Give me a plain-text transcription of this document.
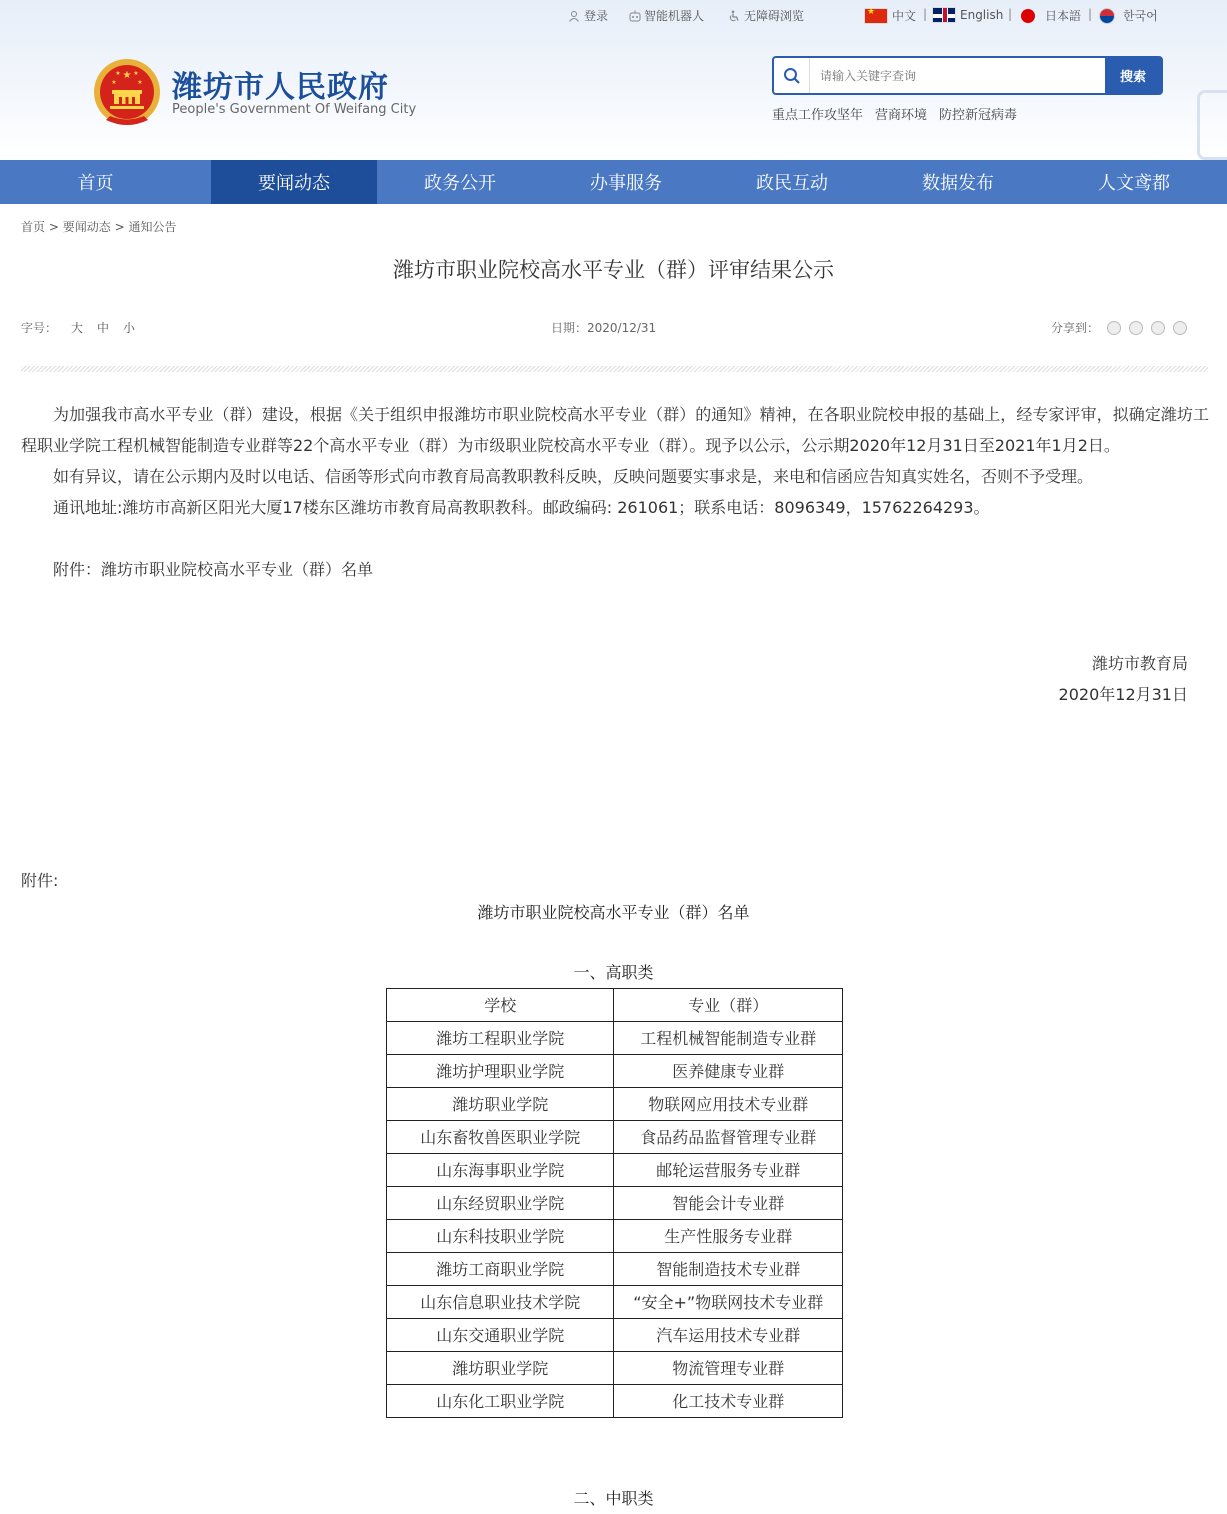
登录	智能机器人	无障碍浏览 ★	中文 |	English |	日本語 |	한국어
★
★	★
★ ★ 潍坊市人民政府
People's Government Of Weifang City
请输入关键字查询
搜索
重点工作攻坚年 营商环境 防控新冠病毒
首页	要闻动态	政务公开	办事服务	政民互动	数据发布	人文鸢都
首页 > 要闻动态 > 通知公告
潍坊市职业院校高水平专业（群）评审结果公示
字号： 大 中 小	日期： 2020/12/31	分享到：

为加强我市高水平专业（群）建设，根据《关于组织申报潍坊市职业院校高水平专业（群）的通知》精神，在各职业院校申报的基础上，经专家评审，拟确定潍坊工程职业学院工程机械智能制造专业群等22个高水平专业（群）为市级职业院校高水平专业（群）。现予以公示，公示期2020年12月31日至2021年1月2日。

如有异议，请在公示期内及时以电话、信函等形式向市教育局高教职教科反映，反映问题要实事求是，来电和信函应告知真实姓名，否则不予受理。

通讯地址:潍坊市高新区阳光大厦17楼东区潍坊市教育局高教职教科。邮政编码: 261061；联系电话：8096349，15762264293。

附件：潍坊市职业院校高水平专业（群）名单

潍坊市教育局
2020年12月31日
附件:
潍坊市职业院校高水平专业（群）名单
一、高职类
学校	专业（群）
潍坊工程职业学院	工程机械智能制造专业群
潍坊护理职业学院	医养健康专业群
潍坊职业学院	物联网应用技术专业群
山东畜牧兽医职业学院	食品药品监督管理专业群
山东海事职业学院	邮轮运营服务专业群
山东经贸职业学院	智能会计专业群
山东科技职业学院	生产性服务专业群
潍坊工商职业学院	智能制造技术专业群
山东信息职业技术学院	“安全+”物联网技术专业群
山东交通职业学院	汽车运用技术专业群
潍坊职业学院	物流管理专业群
山东化工职业学院	化工技术专业群
二、中职类
